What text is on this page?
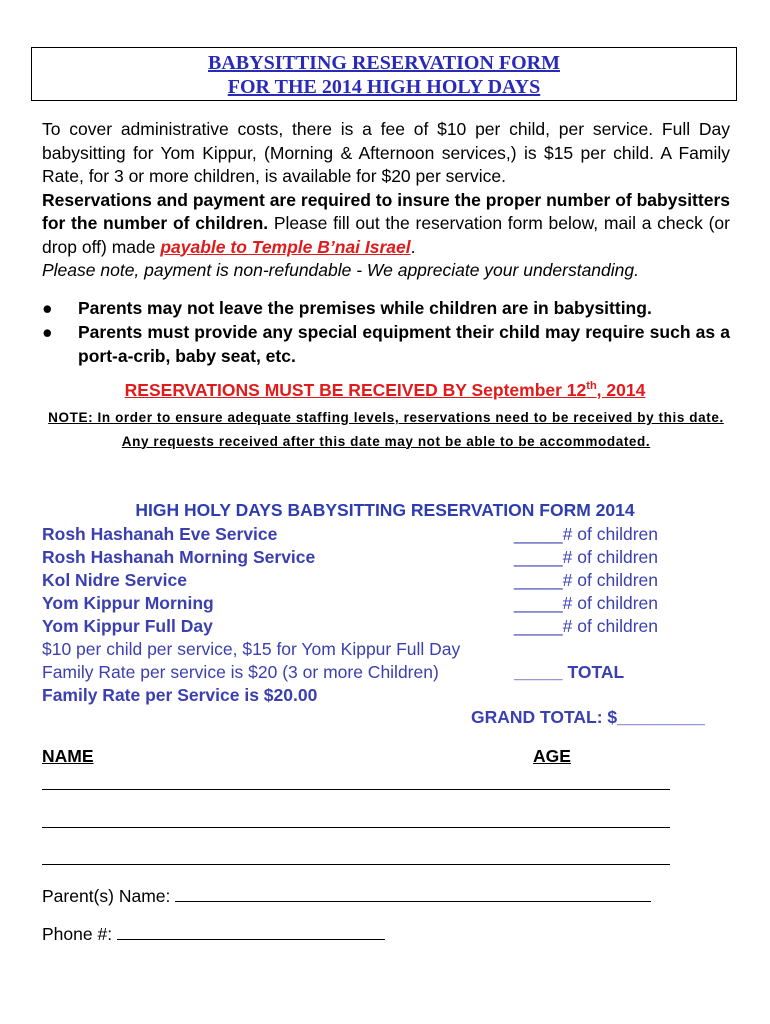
BABYSITTING RESERVATION FORM
FOR THE 2014 HIGH HOLY DAYS

To cover administrative costs, there is a fee of $10 per child, per service. Full Day babysitting for Yom Kippur, (Morning & Afternoon services,) is $15 per child. A Family Rate, for 3 or more children, is available for $20 per service.

Reservations and payment are required to insure the proper number of babysitters for the number of children. Please fill out the reservation form below, mail a check (or drop off) made payable to Temple B’nai Israel.

Please note, payment is non-refundable - We appreciate your understanding.

● Parents may not leave the premises while children are in babysitting.
● Parents must provide any special equipment their child may require such as a port-a-crib, baby seat, etc.
RESERVATIONS MUST BE RECEIVED BY September 12th, 2014
NOTE: In order to ensure adequate staffing levels, reservations need to be received by this date. Any requests received after this date may not be able to be accommodated.
HIGH HOLY DAYS BABYSITTING RESERVATION FORM 2014
Rosh Hashanah Eve Service	_____# of children
Rosh Hashanah Morning Service	_____# of children
Kol Nidre Service	_____# of children
Yom Kippur Morning	_____# of children
Yom Kippur Full Day	_____# of children
$10 per child per service, $15 for Yom Kippur Full Day
Family Rate per service is $20 (3 or more Children)	_____ TOTAL
Family Rate per Service is $20.00
GRAND TOTAL: $_________
NAME	AGE
Parent(s) Name:
Phone #:
